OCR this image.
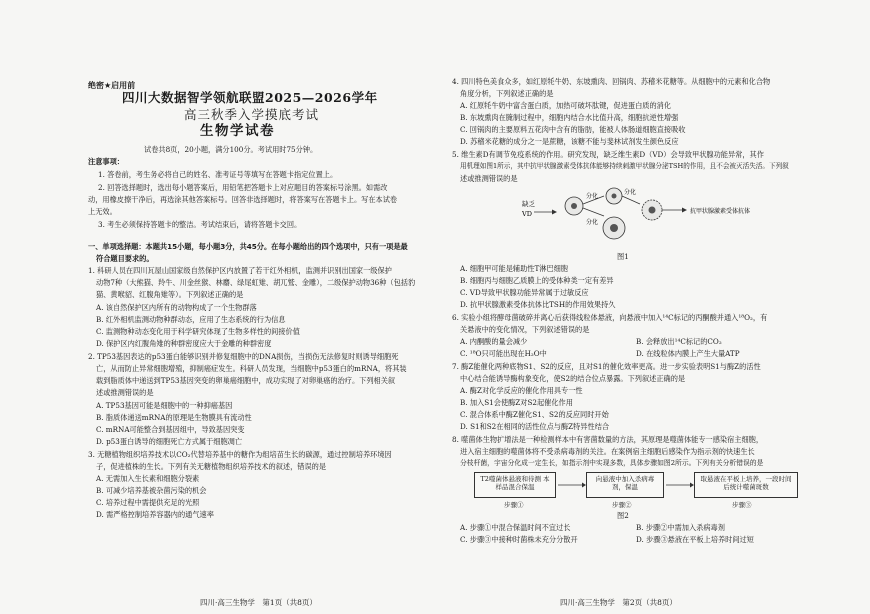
绝密★启用前
四川大数据智学领航联盟2025—2026学年
高三秋季入学摸底考试
生物学试卷
试卷共8页，20小题，满分100分。考试用时75分钟。
注意事项：
1. 答卷前，考生务必将自己的姓名、准考证号等填写在答题卡指定位置上。
2. 回答选择题时，选出每小题答案后，用铅笔把答题卡上对应题目的答案标号涂黑。如需改
动，用橡皮擦干净后，再选涂其他答案标号。回答非选择题时，将答案写在答题卡上。写在本试卷
上无效。
3. 考生必须保持答题卡的整洁。考试结束后，请将答题卡交回。
一、单项选择题：本题共15小题，每小题3分，共45分。在每小题给出的四个选项中，只有一项是最
符合题目要求的。
1. 科研人员在四川瓦屋山国家级自然保护区内放置了若干红外相机，监测并识别出国家一级保护
动物7种（大熊猫、羚牛、川金丝猴、林麝、绿尾虹雉、胡兀鹫、金雕），二级保护动物36种（包括豹
猫、黄喉貂、红腹角雉等）。下列叙述正确的是
A. 该自然保护区内所有的动物构成了一个生物群落
B. 红外相机监测动物种群动态，应用了生态系统的行为信息
C. 监测物种动态变化用于科学研究体现了生物多样性的间接价值
D. 保护区内红腹角雉的种群密度应大于金雕的种群密度
2. TP53基因表达的p53蛋白能够识别并修复细胞中的DNA损伤，当损伤无法修复时则诱导细胞死
亡，从而防止异常细胞增殖，抑制癌症发生。科研人员发现，当细胞中p53蛋白的mRNA，将其装
载到脂质体中递送到TP53基因突变的卵巢癌细胞中，成功实现了对卵巢癌的治疗。下列相关叙
述或推测错误的是
A. TP53基因可能是细胞中的一种抑癌基因
B. 脂质体递送mRNA的原理是生物膜具有流动性
C. mRNA可能整合到基因组中，导致基因突变
D. p53蛋白诱导的细胞死亡方式属于细胞凋亡
3. 无糖植物组织培养技术以CO₂代替培养基中的糖作为组培苗生长的碳源，通过控制培养环境因
子，促进植株的生长。下列有关无糖植物组织培养技术的叙述，错误的是
A. 无需加入生长素和细胞分裂素
B. 可减少培养基被杂菌污染的机会
C. 培养过程中需提供充足的光照
D. 需严格控制培养容器内的通气速率
四川·高三生物学　第1页（共8页）
4. 四川特色美食众多，如红原牦牛奶、东坡熏肉、回锅肉、苏稽米花糖等。从细胞中的元素和化合物
角度分析，下列叙述正确的是
A. 红原牦牛奶中富含蛋白质，加热可破坏肽键，促进蛋白质的消化
B. 东坡熏肉在腌制过程中，细胞内结合水比值升高，细胞抗逆性增强
C. 回锅肉的主要原料五花肉中含有的脂肪，能被人体肠道细胞直接吸收
D. 苏稽米花糖的成分之一是蔗糖，该糖不能与斐林试剂发生颜色反应
5. 维生素D有调节免疫系统的作用。研究发现，缺乏维生素D（VD）会导致甲状腺功能异常，其作
用机理如图1所示，其中抗甲状腺激素受体抗体能够持续刺激甲状腺分泌TSH的作用，且不会被灭活失活。下列叙
述或推测错误的是
缺乏
VD
分化
分化
分化
抗甲状腺激素受体抗体
图1
A. 细胞甲可能是辅助性T淋巴细胞
B. 细胞丙与细胞乙质膜上的受体种类一定有差异
C. VD导致甲状腺功能异常属于过敏反应
D. 抗甲状腺激素受体抗体比TSH的作用效果持久
6. 实验小组将酵母菌破碎并离心后获得线粒体悬液，向悬液中加入¹⁴C标记的丙酮酸并通入¹⁸O₂，有
关悬液中的变化情况，下列叙述错误的是
A. 内酮酸的量会减少	B. 会释放出¹⁴C标记的CO₂
C. ¹⁸O只可能出现在H₂O中	D. 在线粒体内膜上产生大量ATP
7. 酶Z能催化两种底物S1、S2的反应，且对S1的催化效率更高。进一步实验表明S1与酶Z的活性
中心结合能诱导酶构象变化，使S2的结合位点暴露。下列叙述正确的是
A. 酶Z对化学反应的催化作用具专一性
B. 加入S1会使酶Z对S2起催化作用
C. 混合体系中酶Z催化S1、S2的反应同时开始
D. S1和S2在相同的活性位点与酶Z特异性结合
8. 噬菌体生物扩增法是一种检测样本中有害菌数量的方法，其原理是噬菌体能专一感染宿主细胞，
进入宿主细胞的噬菌体将不受杀病毒剂的关注。在案例宿主细胞后感染作为指示剂的快速生长
分枝杆菌，宇宙分化成一定生长，如指示剂中实现多数，具体步骤如图2所示。下列有关分析错误的是
T2噬菌体悬液和待测 本样品混合保温
向悬液中加入杀病毒剂，保温
取悬液在平板上培养，一段时间后统计噬菌斑数
步骤①	步骤②	步骤③
图2
A. 步骤①中混合保温时间不宜过长	B. 步骤②中需加入杀病毒剂
C. 步骤③中接种时菌株未充分分散开	D. 步骤③悬液在平板上培养时间过短
四川·高三生物学　第2页（共8页）
